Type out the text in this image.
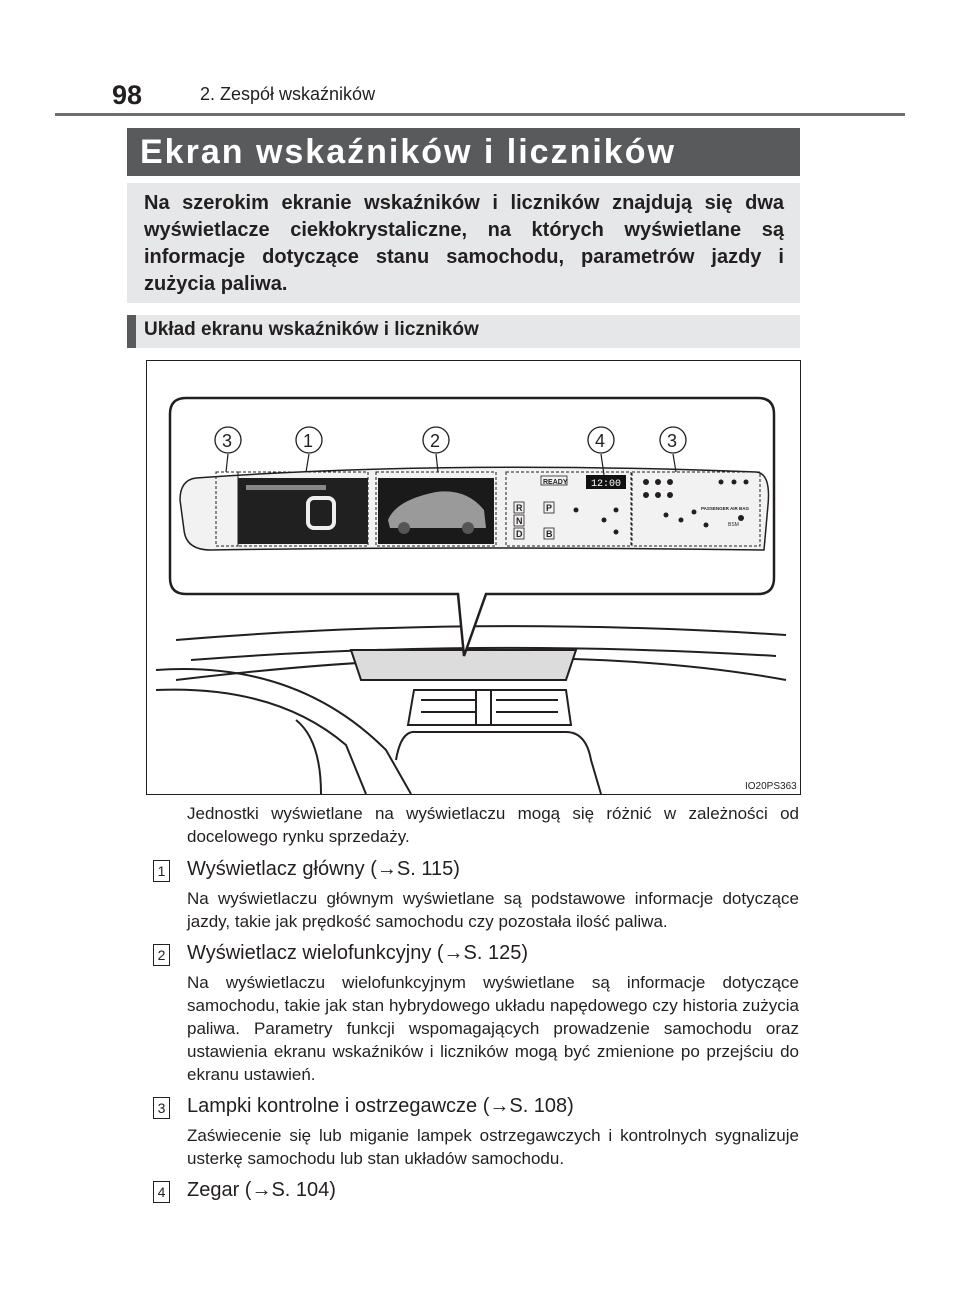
98	2. Zespół wskaźników
Ekran wskaźników i liczników
Na szerokim ekranie wskaźników i liczników znajdują się dwa wyświetlacze ciekłokrystaliczne, na których wyświetlane są informacje dotyczące stanu samochodu, parametrów jazdy i zużycia paliwa.
Układ ekranu wskaźników i liczników
12:00
READY
R
N
D
P
B
PASSENGER AIR BAG
BSM
3	1	2	4	3
IO20PS363
Jednostki wyświetlane na wyświetlaczu mogą się różnić w zależności od docelowego rynku sprzedaży.
1 Wyświetlacz główny (→S. 115)
Na wyświetlaczu głównym wyświetlane są podstawowe informacje dotyczące jazdy, takie jak prędkość samochodu czy pozostała ilość paliwa.
2 Wyświetlacz wielofunkcyjny (→S. 125)
Na wyświetlaczu wielofunkcyjnym wyświetlane są informacje dotyczące samochodu, takie jak stan hybrydowego układu napędowego czy historia zużycia paliwa. Parametry funkcji wspomagających prowadzenie samochodu oraz ustawienia ekranu wskaźników i liczników mogą być zmienione po przejściu do ekranu ustawień.
3 Lampki kontrolne i ostrzegawcze (→S. 108)
Zaświecenie się lub miganie lampek ostrzegawczych i kontrolnych sygnalizuje usterkę samochodu lub stan układów samochodu.
4 Zegar (→S. 104)
